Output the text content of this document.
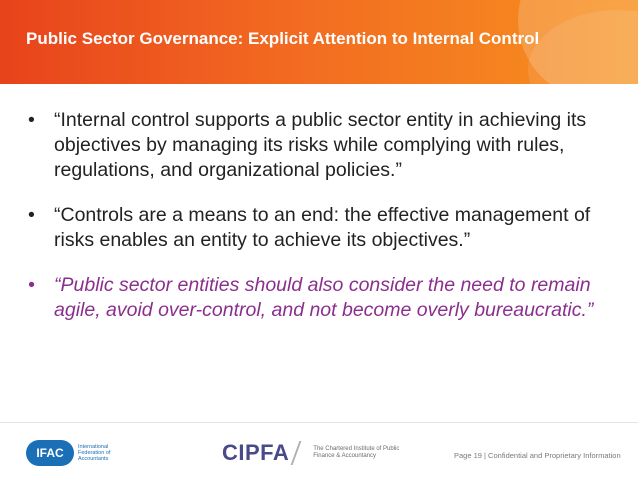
Public Sector Governance: Explicit Attention to Internal Control
• “Internal control supports a public sector entity in achieving its objectives by managing its risks while complying with rules, regulations, and organizational policies.”
• “Controls are a means to an end: the effective management of risks enables an entity to achieve its objectives.”
• “Public sector entities should also consider the need to remain agile, avoid over-control, and not become overly bureaucratic.”
IFAC	International Federation of Accountants	CIPFA	The Chartered Institute of Public Finance & Accountancy	Page 19 | Confidential and Proprietary Information
